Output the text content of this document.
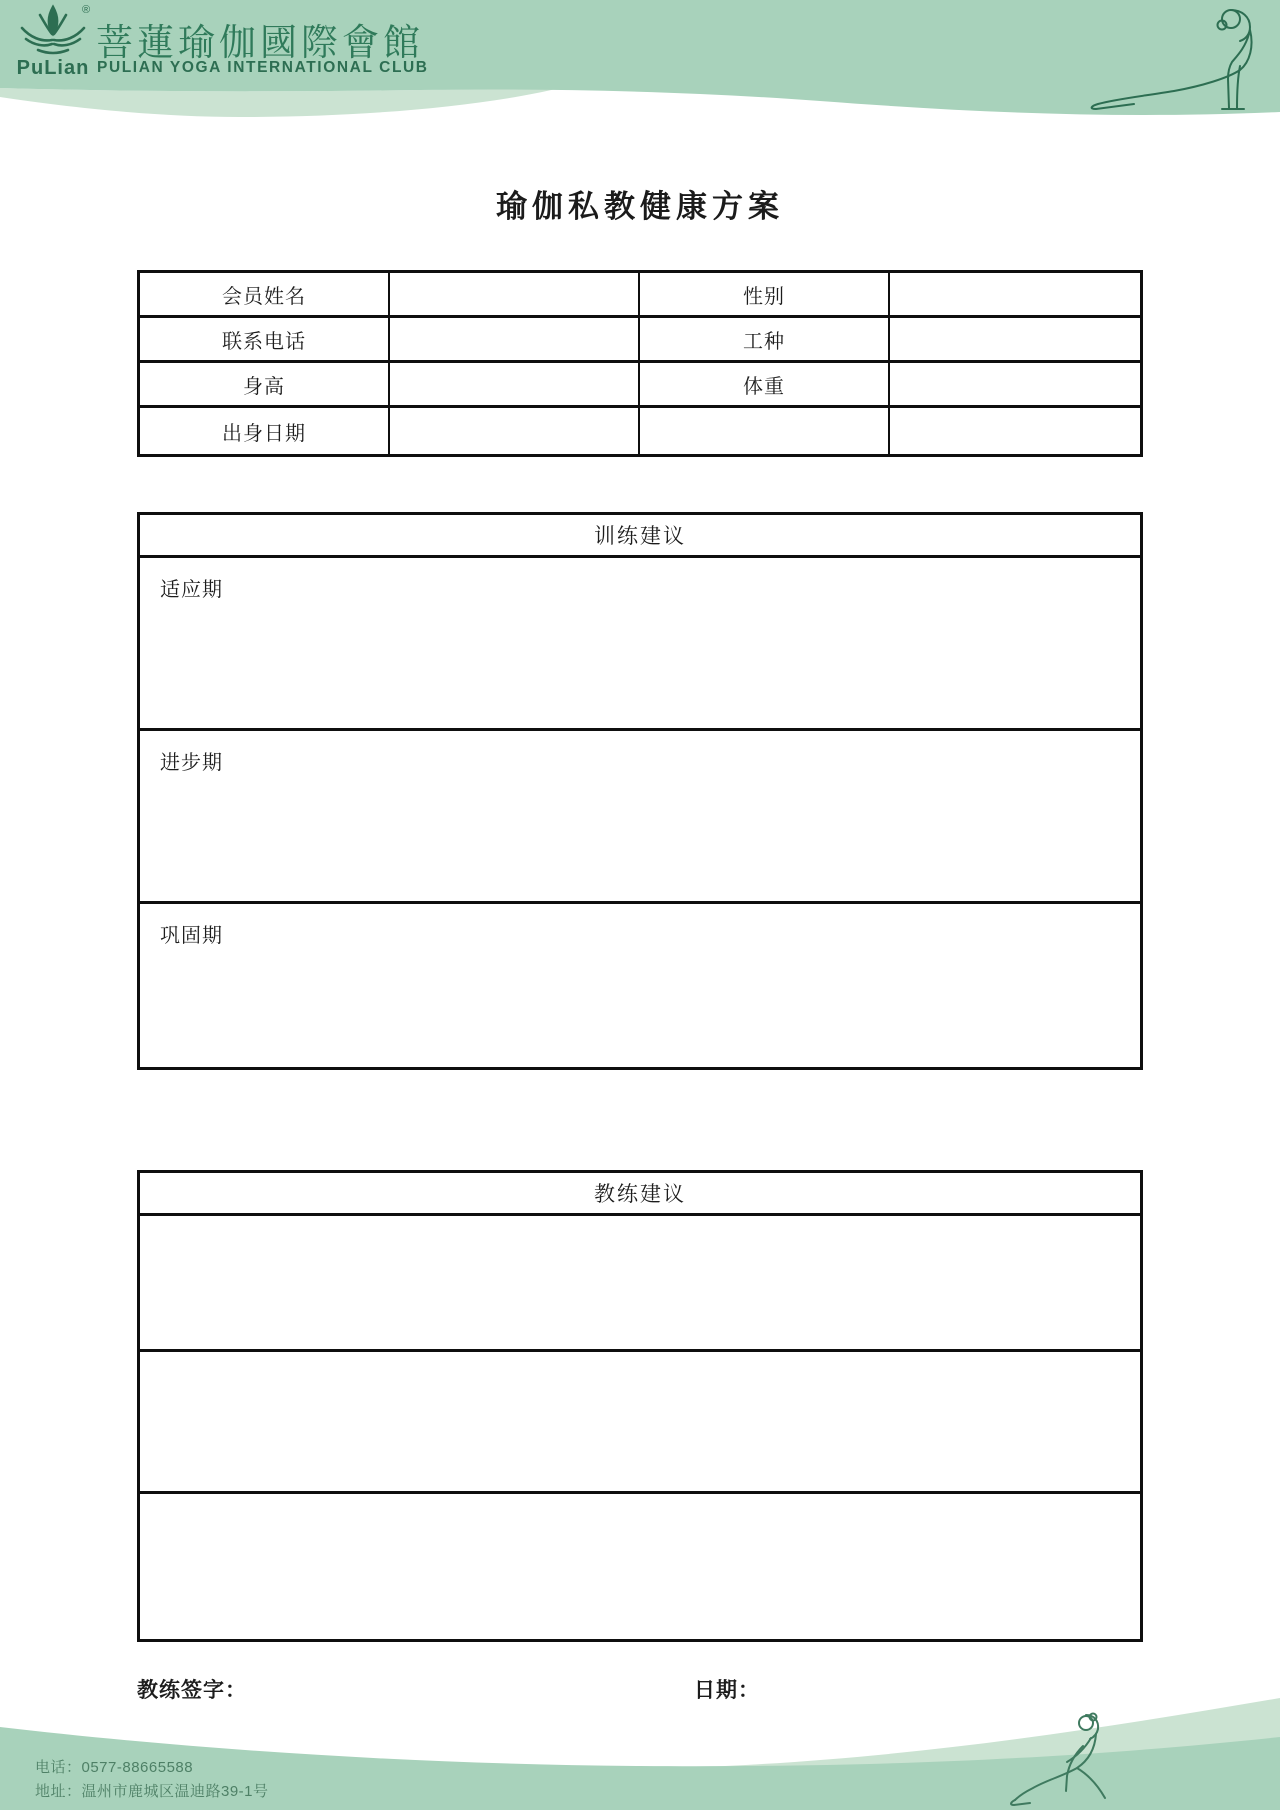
PuLian
®
菩蓮瑜伽國際會館
PULIAN YOGA INTERNATIONAL CLUB
瑜伽私教健康方案
会员姓名	性别
联系电话	工种
身高	体重
出身日期
训练建议
适应期
进步期
巩固期
教练建议
教练签字：	日期：
电话：0577-88665588
地址：温州市鹿城区温迪路39-1号
